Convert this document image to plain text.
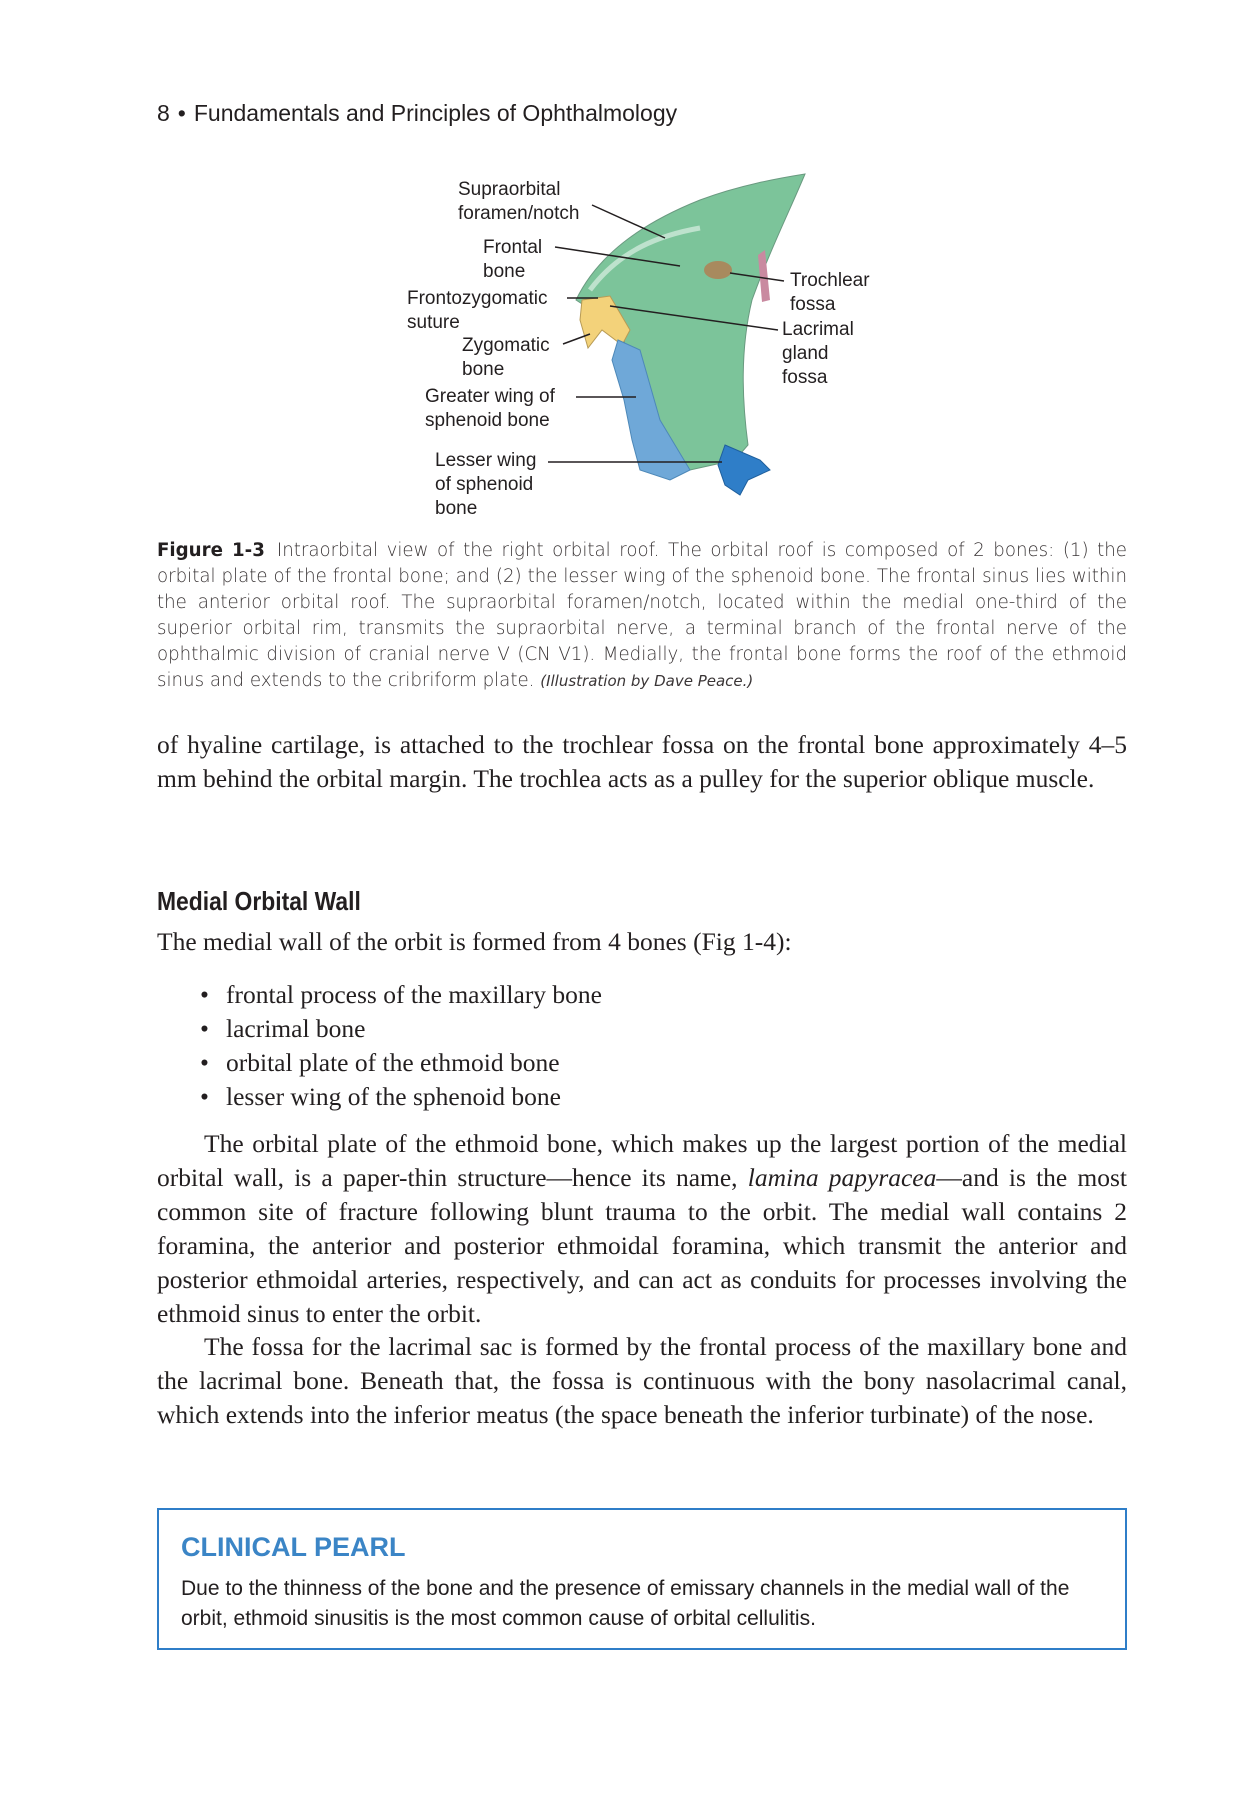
8 • Fundamentals and Principles of Ophthalmology
Supraorbital
foramen/notch
Frontal
bone
Frontozygomatic
suture
Zygomatic
bone
Greater wing of
sphenoid bone
Lesser wing
of sphenoid
bone
Trochlear
fossa
Lacrimal
gland
fossa
Figure 1-3 Intraorbital view of the right orbital roof. The orbital roof is composed of 2 bones: (1) the orbital plate of the frontal bone; and (2) the lesser wing of the sphenoid bone. The frontal sinus lies within the anterior orbital roof. The supraorbital foramen/notch, located within the medial one-third of the superior orbital rim, transmits the supraorbital nerve, a terminal branch of the frontal nerve of the ophthalmic division of cranial nerve V (CN V1). Medially, the frontal bone forms the roof of the ethmoid sinus and extends to the cribriform plate. (Illustration by Dave Peace.)

of hyaline cartilage, is attached to the trochlear fossa on the frontal bone approximately 4–5 mm behind the orbital margin. The trochlea acts as a pulley for the superior oblique muscle.

Medial Orbital Wall

The medial wall of the orbit is formed from 4 bones (Fig 1-4):

• frontal process of the maxillary bone
• lacrimal bone
• orbital plate of the ethmoid bone
• lesser wing of the sphenoid bone

The orbital plate of the ethmoid bone, which makes up the largest portion of the medial orbital wall, is a paper-thin structure—hence its name, lamina papyracea—and is the most common site of fracture following blunt trauma to the orbit. The medial wall contains 2 foramina, the anterior and posterior ethmoidal foramina, which transmit the anterior and posterior ethmoidal arteries, respectively, and can act as conduits for processes involving the ethmoid sinus to enter the orbit.

The fossa for the lacrimal sac is formed by the frontal process of the maxillary bone and the lacrimal bone. Beneath that, the fossa is continuous with the bony nasolacrimal canal, which extends into the inferior meatus (the space beneath the inferior turbinate) of the nose.

CLINICAL PEARL
Due to the thinness of the bone and the presence of emissary channels in the medial wall of the orbit, ethmoid sinusitis is the most common cause of orbital cellulitis.
